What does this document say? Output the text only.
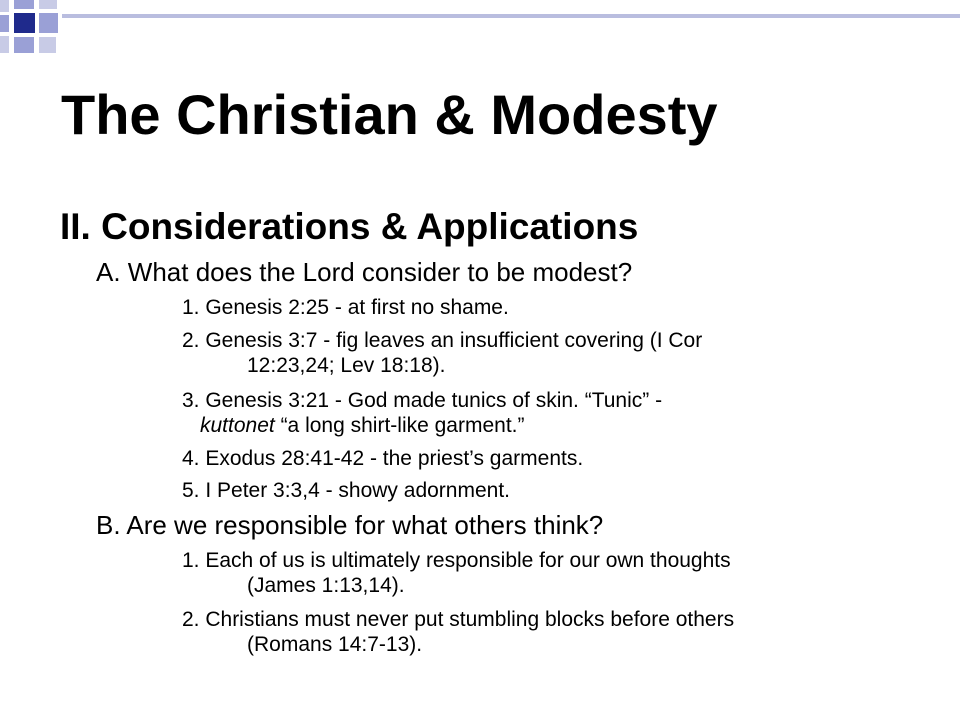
The Christian & Modesty
II. Considerations & Applications

A. What does the Lord consider to be modest?

1. Genesis 2:25 - at first no shame.

2. Genesis 3:7 - fig leaves an insufficient covering (I Cor
12:23,24; Lev 18:18).

3. Genesis 3:21 - God made tunics of skin. “Tunic” -
kuttonet “a long shirt-like garment.”

4. Exodus 28:41-42 - the priest’s garments.

5. I Peter 3:3,4 - showy adornment.

B. Are we responsible for what others think?

1. Each of us is ultimately responsible for our own thoughts
(James 1:13,14).

2. Christians must never put stumbling blocks before others
(Romans 14:7-13).
